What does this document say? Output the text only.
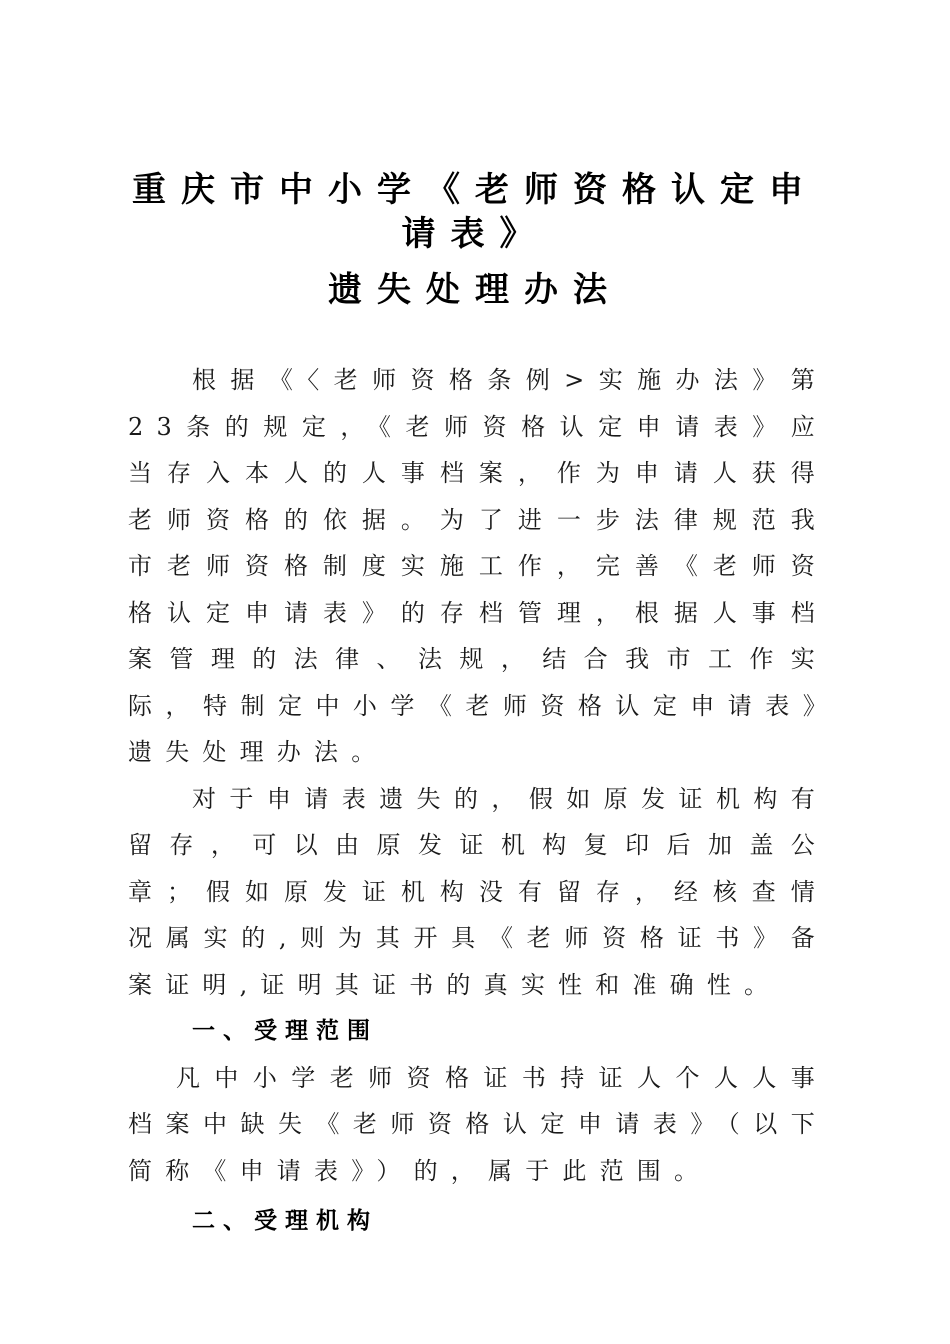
重庆市中小学《老师资格认定申
请表》
遗失处理办法

根据《〈老师资格条例>实施办法》第23条的规定，《老师资格认定申请表》应当存入本人的人事档案，作为申请人获得老师资格的依据。为了进一步法律规范我市老师资格制度实施工作，完善《老师资格认定申请表》的存档管理，根据人事档案管理的法律、法规，结合我市工作实际，特制定中小学《老师资格认定申请表》遗失处理办法。

对于申请表遗失的，假如原发证机构有留存，可以由原发证机构复印后加盖公章；假如原发证机构没有留存，经核查情况属实的,则为其开具《老师资格证书》备案证明,证明其证书的真实性和准确性。

一、受理范围

凡中小学老师资格证书持证人个人人事档案中缺失《老师资格认定申请表》（以下简称《申请表》）的，属于此范围。

二、受理机构
